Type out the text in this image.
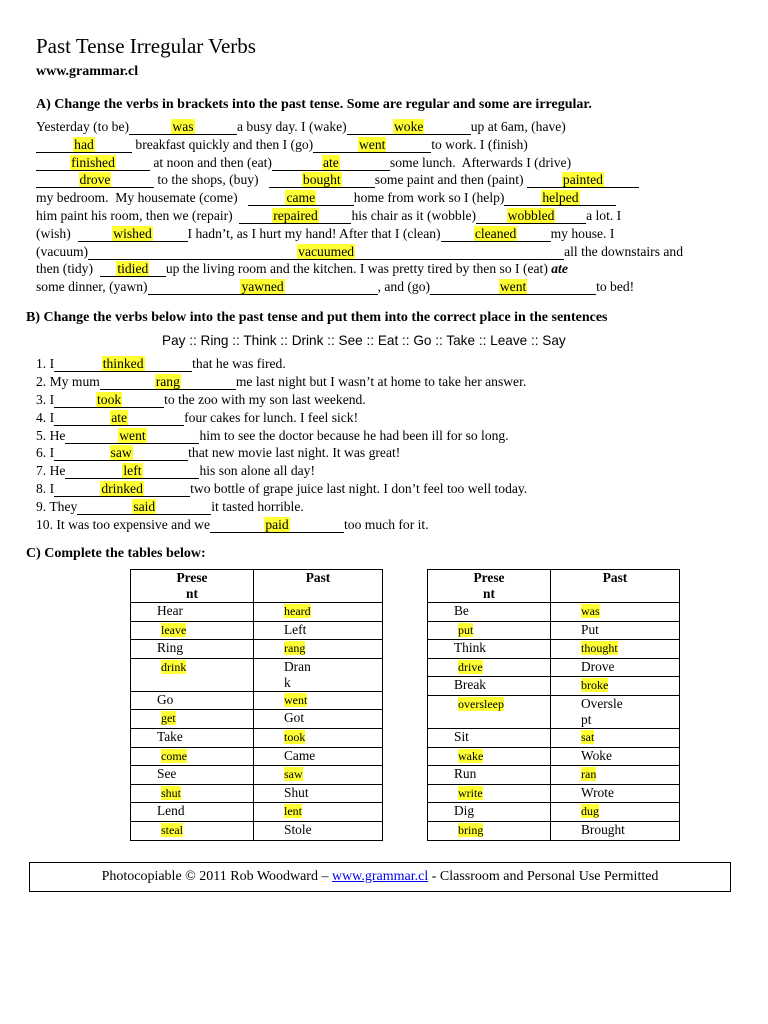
Past Tense Irregular Verbs
www.grammar.cl
A) Change the verbs in brackets into the past tense. Some are regular and some are irregular.
Yesterday (to be)	was	a busy day. I (wake)	woke	up at 6am, (have)
had	breakfast quickly and then I (go)	went	to work. I (finish)
finished	at noon and then (eat)	ate	some lunch.  Afterwards I (drive)
drove	to the shops, (buy)	bought	some paint and then (paint)	painted
my bedroom.  My housemate (come)	came	home from work so I (help)	helped
him paint his room, then we (repair)  repaired his chair as it (wobble) wobbled a lot. I
(wish)	wished	I hadn’t, as I hurt my hand! After that I (clean)	cleaned	my house. I
(vacuum)	vacuumed	all the downstairs and
then (tidy)  tidied up the living room and the kitchen. I was pretty tired by then so I (eat) ate
some dinner, (yawn)	yawned	, and (go)	went	to bed!
B) Change the verbs below into the past tense and put them into the correct place in the sentences
Pay :: Ring :: Think :: Drink :: See :: Eat :: Go :: Take :: Leave :: Say
1. I	thinked	that he was fired.
2. My mum	rang	me last night but I wasn’t at home to take her answer.
3. I	took	to the zoo with my son last weekend.
4. I	ate	four cakes for lunch. I feel sick!
5. He	went	him to see the doctor because he had been ill for so long.
6. I	saw	that new movie last night. It was great!
7. He	left	his son alone all day!
8. I	drinked	two bottle of grape juice last night. I don’t feel too well today.
9. They	said	it tasted horrible.
10. It was too expensive and we	paid	too much for it.
C) Complete the tables below:
Prese
nt	Past
Hear	heard
leave	Left
Ring	rang
drink	Dran
k
Go	went
get	Got
Take	took
come	Came
See	saw
shut	Shut
Lend	lent
steal	Stole
Prese
nt	Past
Be	was
put	Put
Think	thought
drive	Drove
Break	broke
oversleep	Oversle
pt
Sit	sat
wake	Woke
Run	ran
write	Wrote
Dig	dug
bring	Brought
Photocopiable © 2011 Rob Woodward – www.grammar.cl - Classroom and Personal Use Permitted
